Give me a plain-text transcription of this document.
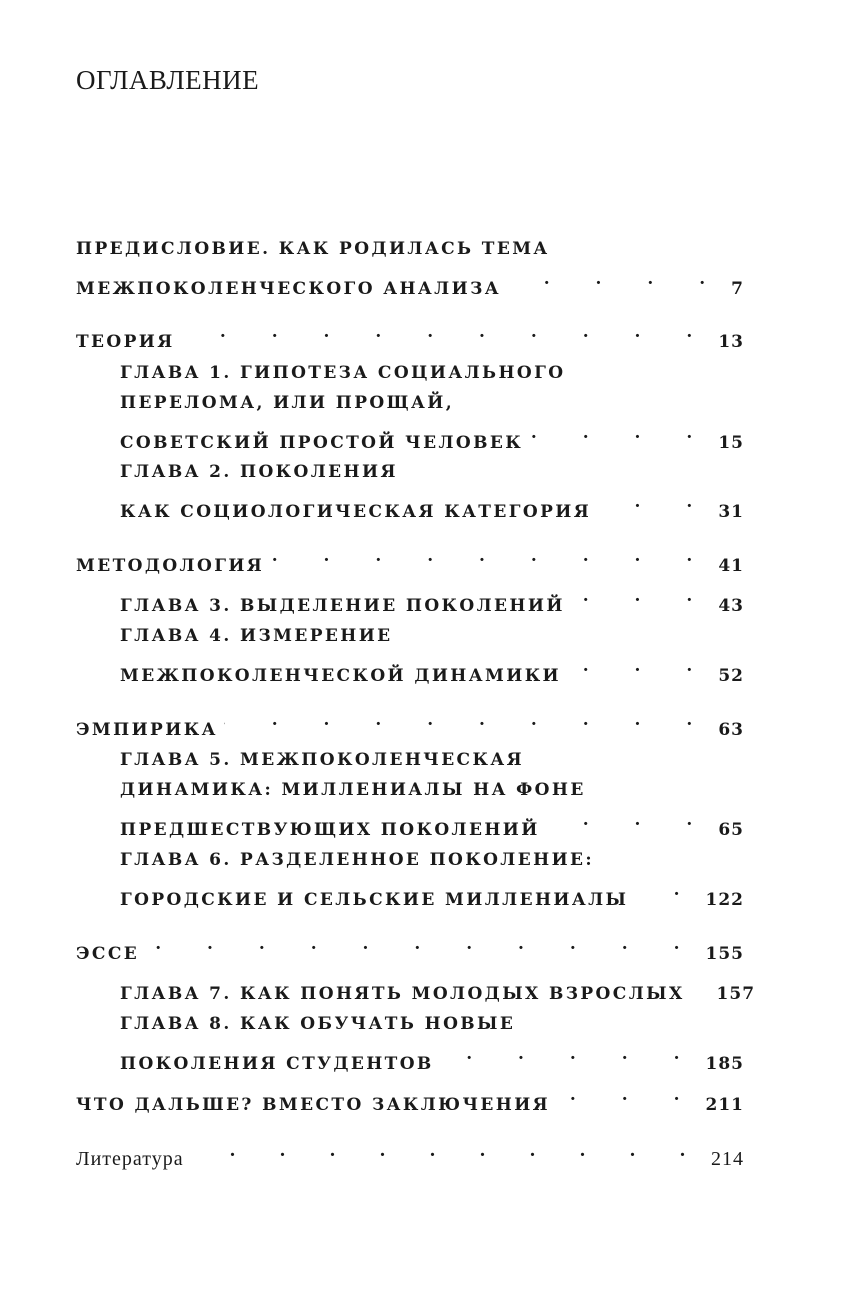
ОГЛАВЛЕНИЕ
ПРЕДИСЛОВИЕ. КАК РОДИЛАСЬ ТЕМА
МЕЖПОКОЛЕНЧЕСКОГО АНАЛИЗА . . .	7
ТЕОРИЯ . . .	13
ГЛАВА 1. ГИПОТЕЗА СОЦИАЛЬНОГО
ПЕРЕЛОМА, ИЛИ ПРОЩАЙ,
СОВЕТСКИЙ ПРОСТОЙ ЧЕЛОВЕК . . .	15
ГЛАВА 2. ПОКОЛЕНИЯ
КАК СОЦИОЛОГИЧЕСКАЯ КАТЕГОРИЯ . . .	31
МЕТОДОЛОГИЯ . . .	41
ГЛАВА 3. ВЫДЕЛЕНИЕ ПОКОЛЕНИЙ . . .	43
ГЛАВА 4. ИЗМЕРЕНИЕ
МЕЖПОКОЛЕНЧЕСКОЙ ДИНАМИКИ . . .	52
ЭМПИРИКА . . .	63
ГЛАВА 5. МЕЖПОКОЛЕНЧЕСКАЯ
ДИНАМИКА: МИЛЛЕНИАЛЫ НА ФОНЕ
ПРЕДШЕСТВУЮЩИХ ПОКОЛЕНИЙ . . .	65
ГЛАВА 6. РАЗДЕЛЕННОЕ ПОКОЛЕНИЕ:
ГОРОДСКИЕ И СЕЛЬСКИЕ МИЛЛЕНИАЛЫ . . .	122
ЭССЕ . . .	155
ГЛАВА 7. КАК ПОНЯТЬ МОЛОДЫХ ВЗРОСЛЫХ . . . 157
ГЛАВА 8. КАК ОБУЧАТЬ НОВЫЕ
ПОКОЛЕНИЯ СТУДЕНТОВ . . .	185
ЧТО ДАЛЬШЕ? ВМЕСТО ЗАКЛЮЧЕНИЯ . . .	211
Литература . . .	214
